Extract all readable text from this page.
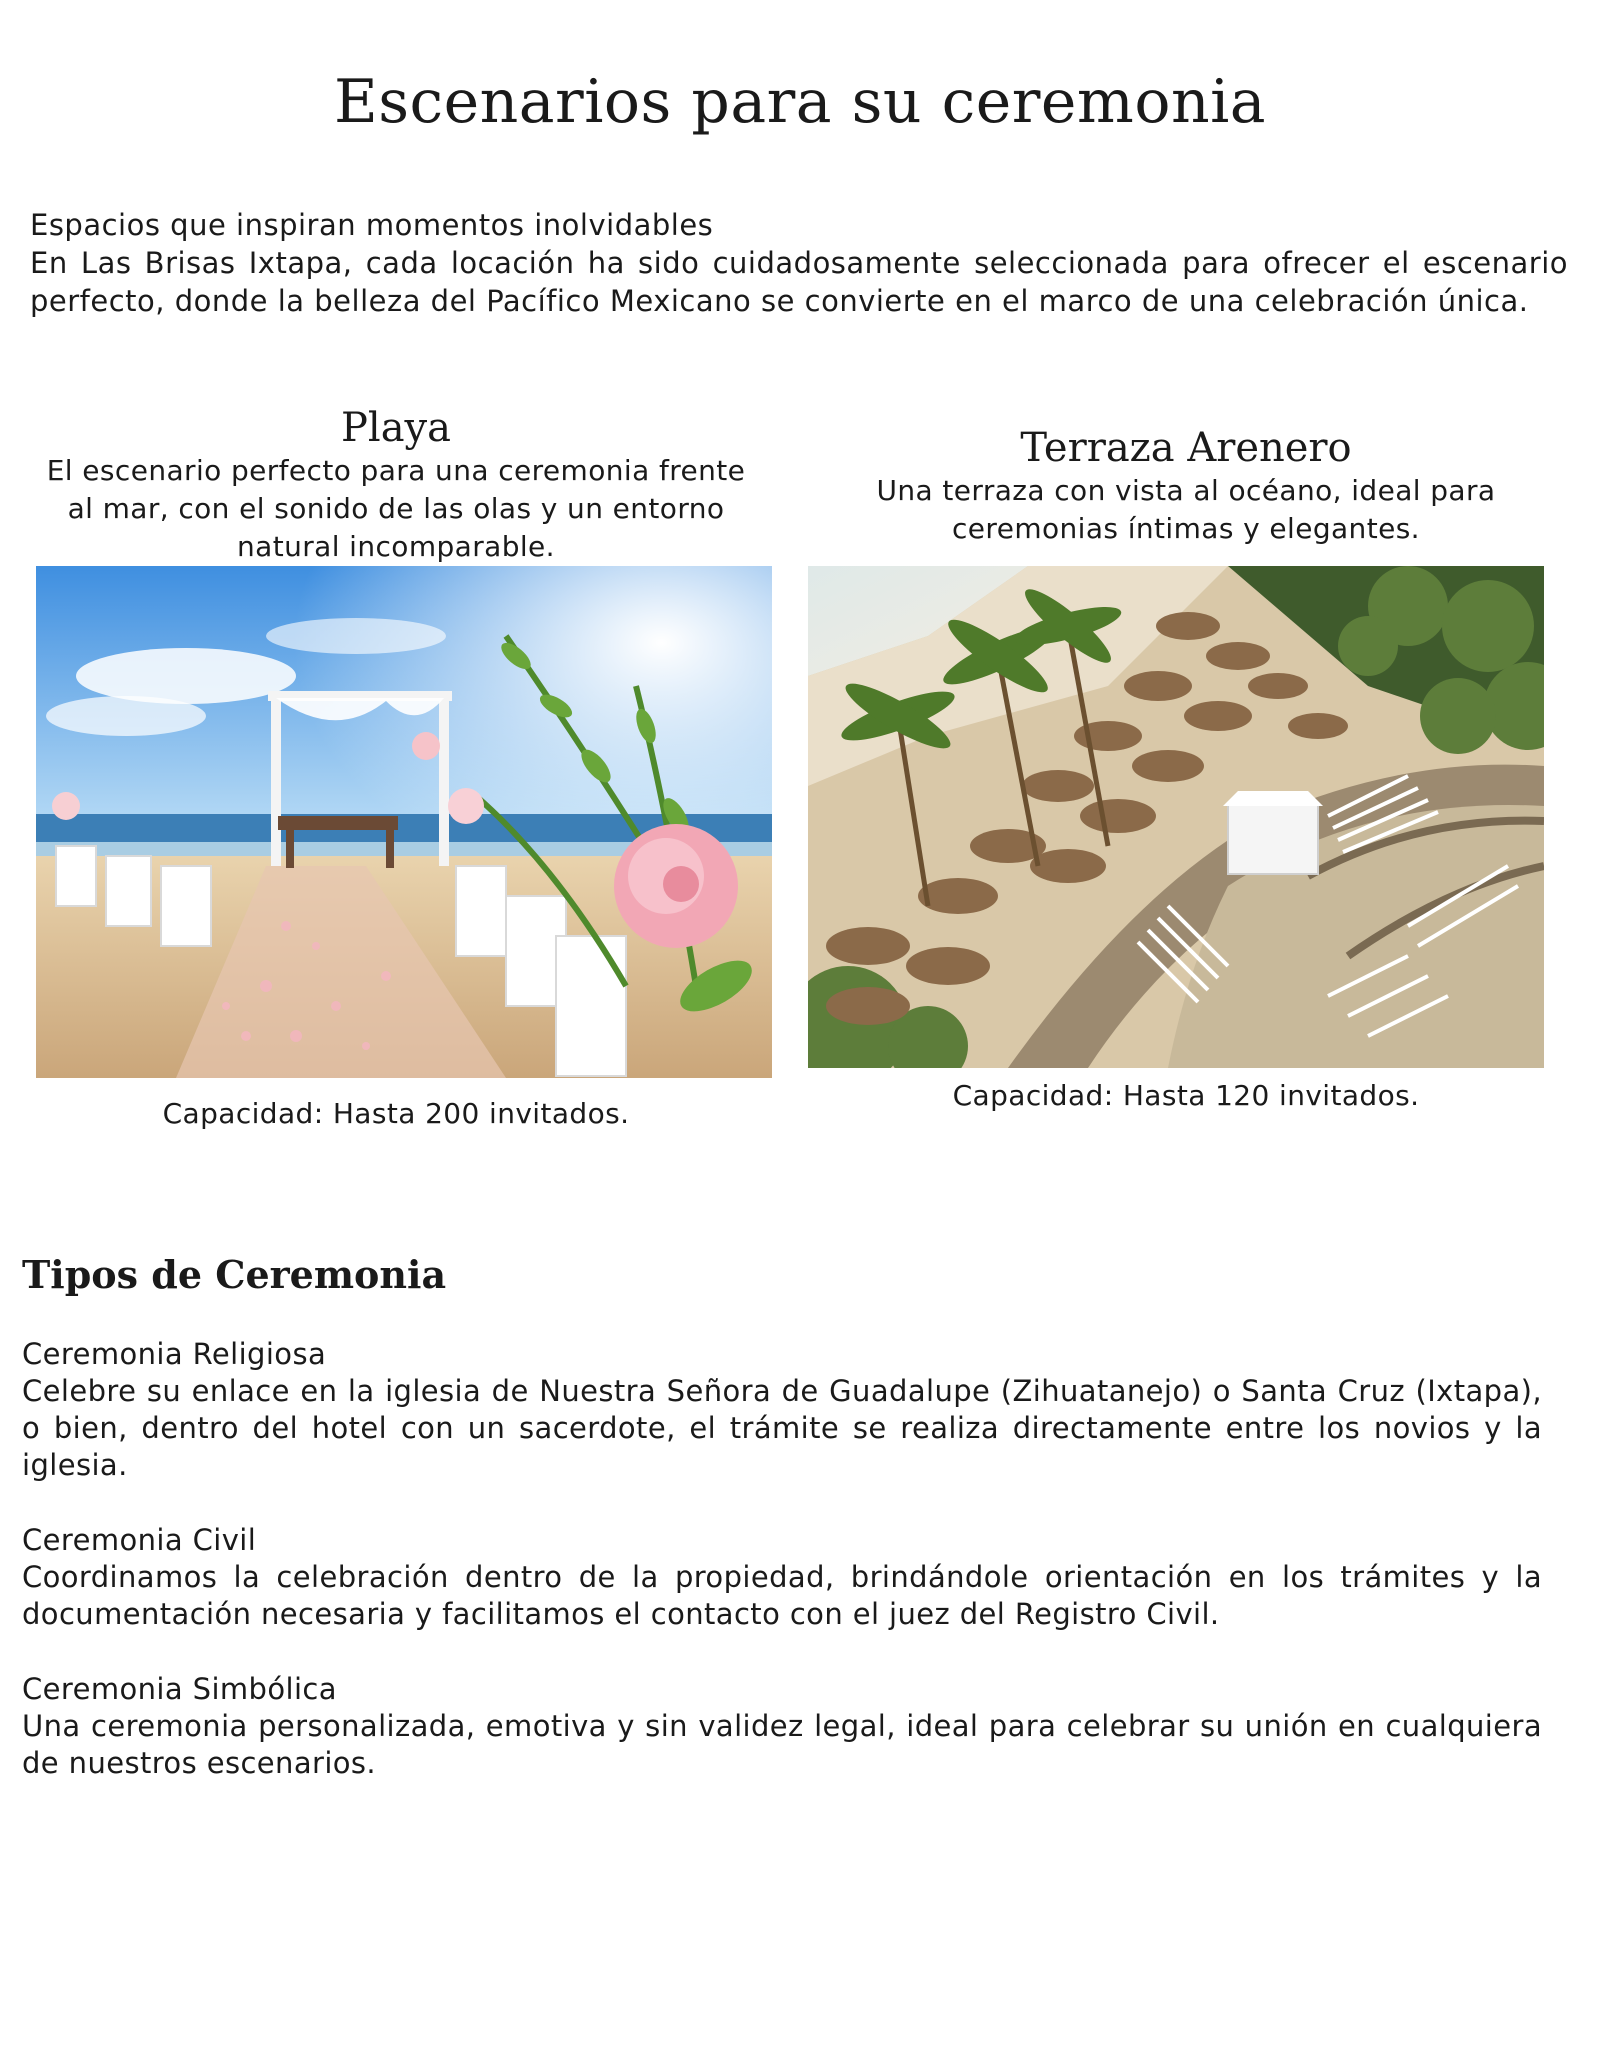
Escenarios para su ceremonia
Espacios que inspiran momentos inolvidables
En Las Brisas Ixtapa, cada locación ha sido cuidadosamente seleccionada para ofrecer el escenario perfecto, donde la belleza del Pacífico Mexicano se convierte en el marco de una celebración única.
Playa
El escenario perfecto para una ceremonia frente al mar, con el sonido de las olas y un entorno natural incomparable.
Capacidad: Hasta 200 invitados.
Terraza Arenero
Una terraza con vista al océano, ideal para ceremonias íntimas y elegantes.
Capacidad: Hasta 120 invitados.
Tipos de Ceremonia
Ceremonia Religiosa
Celebre su enlace en la iglesia de Nuestra Señora de Guadalupe (Zihuatanejo) o Santa Cruz (Ixtapa), o bien, dentro del hotel con un sacerdote, el trámite se realiza directamente entre los novios y la iglesia.
Ceremonia Civil
Coordinamos la celebración dentro de la propiedad, brindándole orientación en los trámites y la documentación necesaria y facilitamos el contacto con el juez del Registro Civil.
Ceremonia Simbólica
Una ceremonia personalizada, emotiva y sin validez legal, ideal para celebrar su unión en cualquiera de nuestros escenarios.
